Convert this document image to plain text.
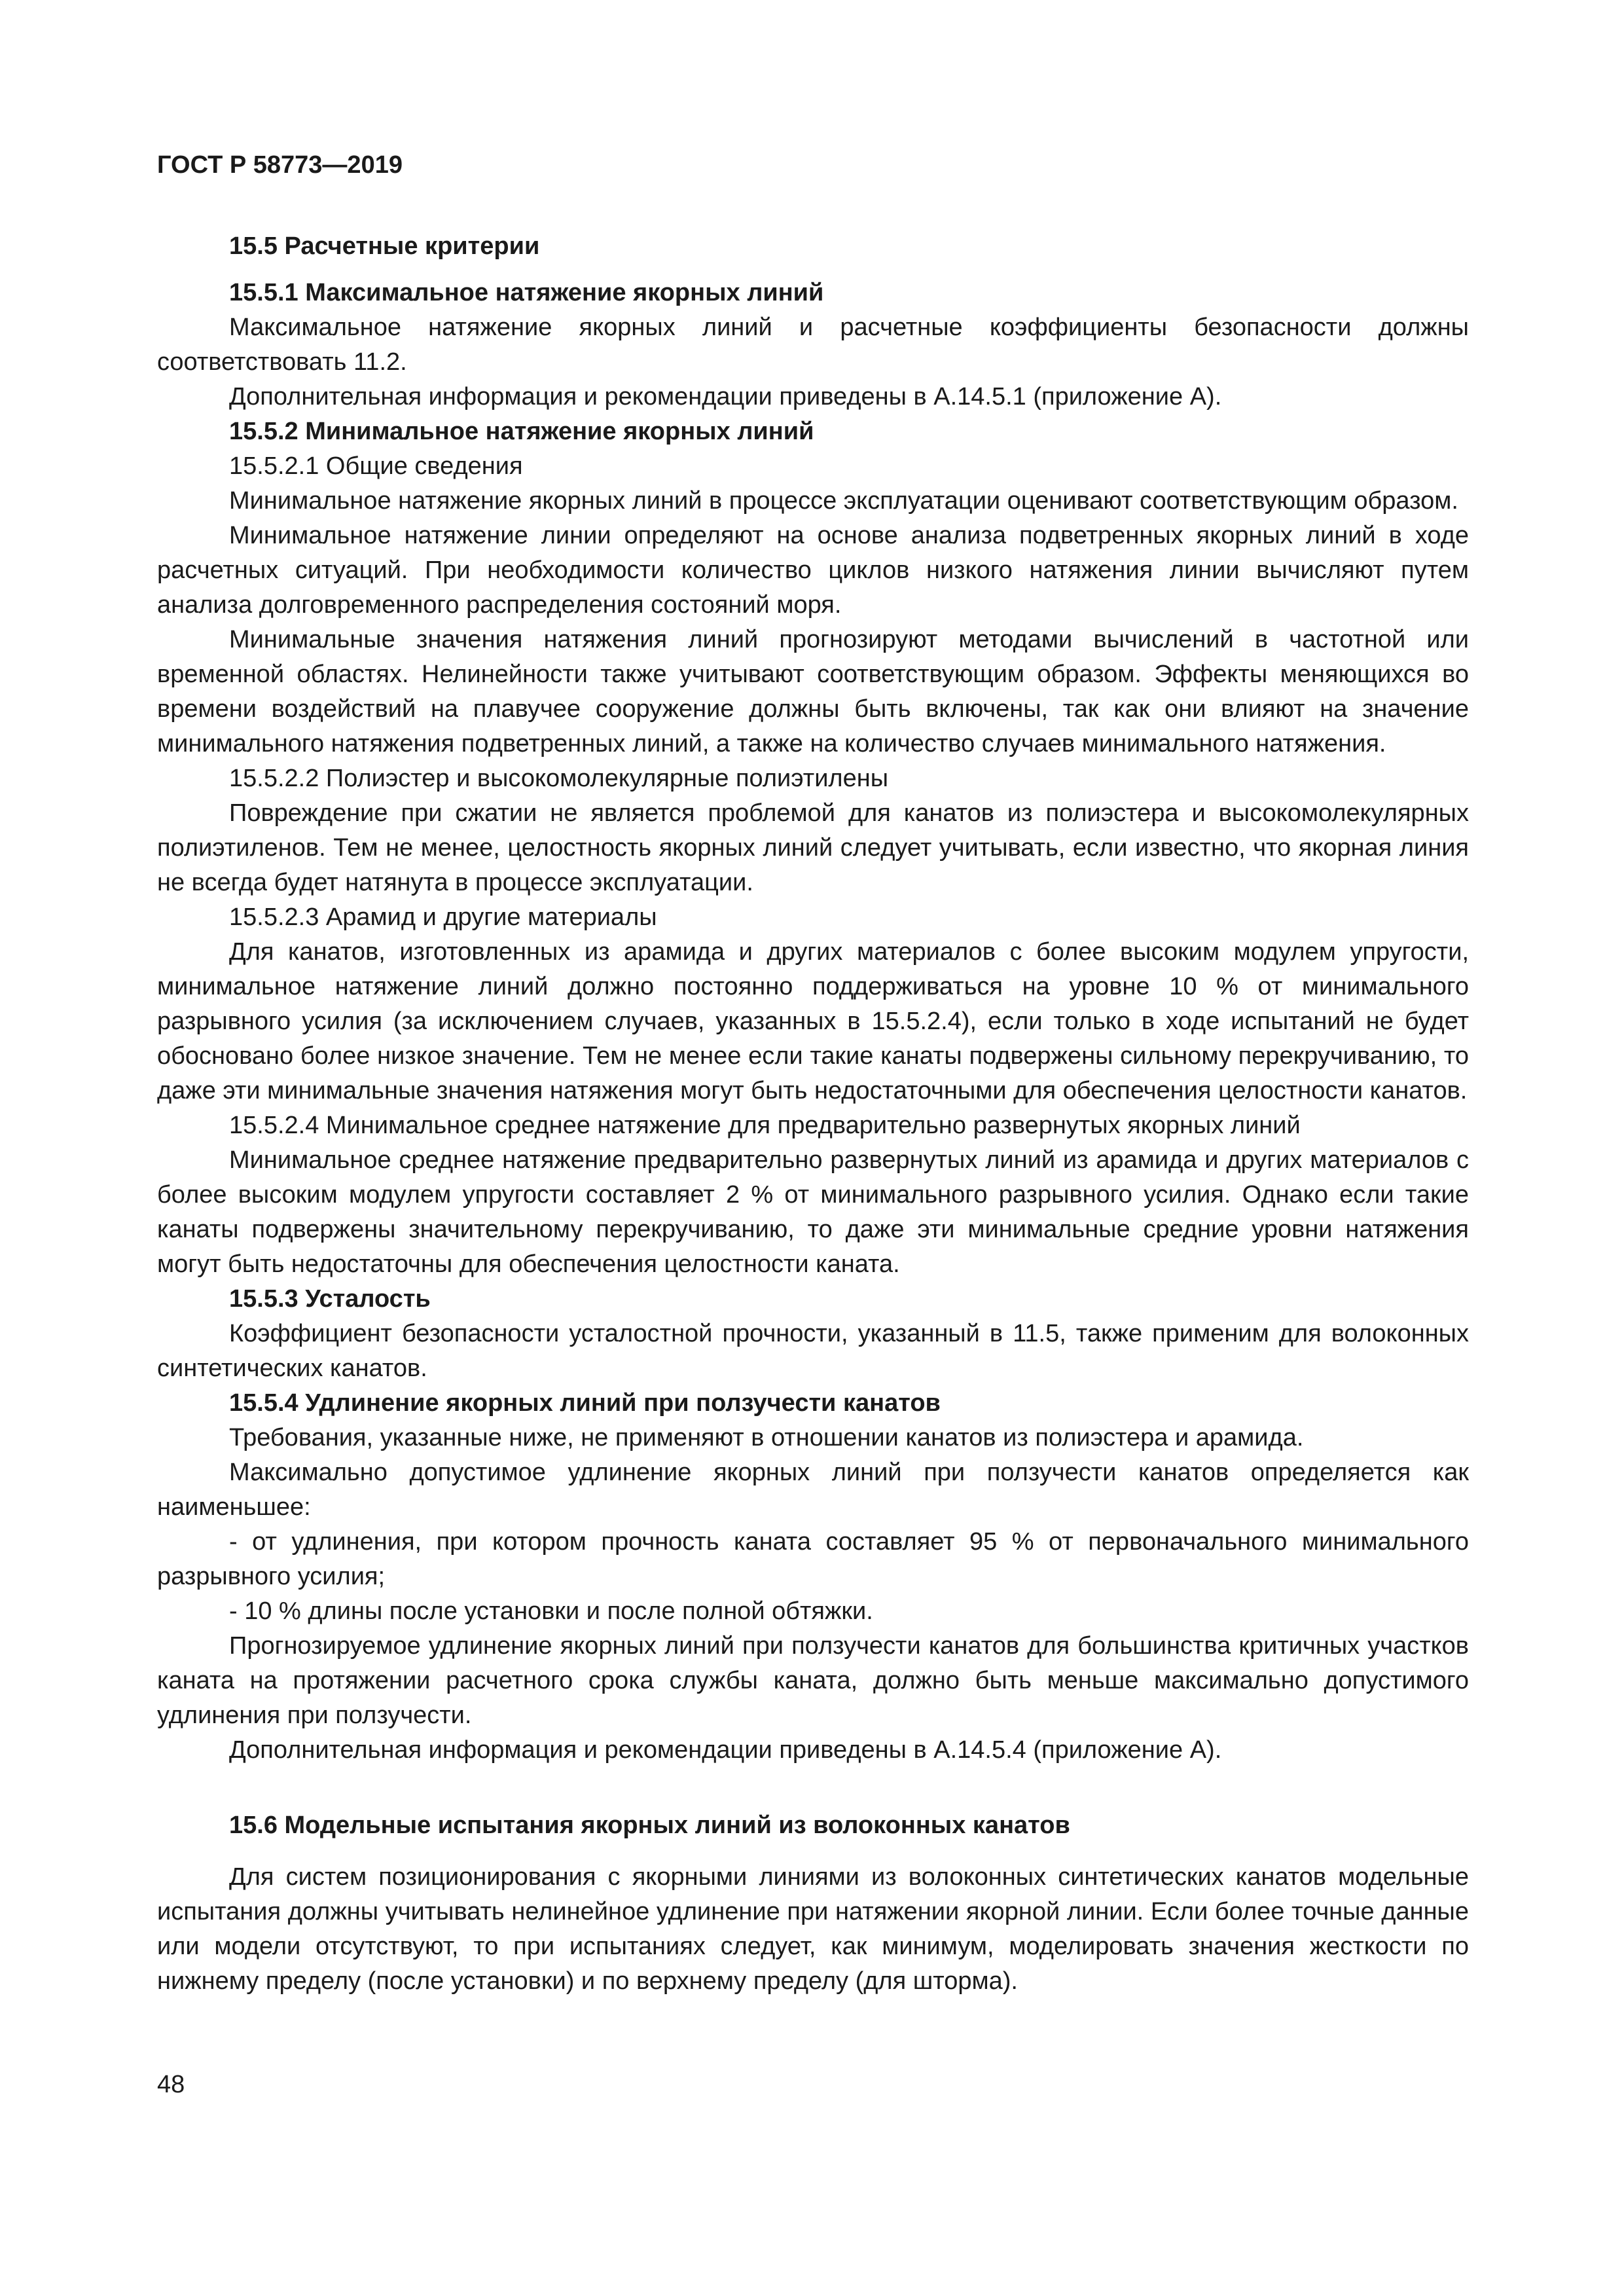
ГОСТ Р 58773—2019

15.5 Расчетные критерии

15.5.1 Максимальное натяжение якорных линий

Максимальное натяжение якорных линий и расчетные коэффициенты безопасности должны соответствовать 11.2.

Дополнительная информация и рекомендации приведены в А.14.5.1 (приложение А).

15.5.2 Минимальное натяжение якорных линий

15.5.2.1 Общие сведения

Минимальное натяжение якорных линий в процессе эксплуатации оценивают соответствующим образом.

Минимальное натяжение линии определяют на основе анализа подветренных якорных линий в ходе расчетных ситуаций. При необходимости количество циклов низкого натяжения линии вычисляют путем анализа долговременного распределения состояний моря.

Минимальные значения натяжения линий прогнозируют методами вычислений в частотной или временной областях. Нелинейности также учитывают соответствующим образом. Эффекты меняющихся во времени воздействий на плавучее сооружение должны быть включены, так как они влияют на значение минимального натяжения подветренных линий, а также на количество случаев минимального натяжения.

15.5.2.2 Полиэстер и высокомолекулярные полиэтилены

Повреждение при сжатии не является проблемой для канатов из полиэстера и высокомолекулярных полиэтиленов. Тем не менее, целостность якорных линий следует учитывать, если известно, что якорная линия не всегда будет натянута в процессе эксплуатации.

15.5.2.3 Арамид и другие материалы

Для канатов, изготовленных из арамида и других материалов с более высоким модулем упругости, минимальное натяжение линий должно постоянно поддерживаться на уровне 10 % от минимального разрывного усилия (за исключением случаев, указанных в 15.5.2.4), если только в ходе испытаний не будет обосновано более низкое значение. Тем не менее если такие канаты подвержены сильному перекручиванию, то даже эти минимальные значения натяжения могут быть недостаточными для обеспечения целостности канатов.

15.5.2.4 Минимальное среднее натяжение для предварительно развернутых якорных линий

Минимальное среднее натяжение предварительно развернутых линий из арамида и других материалов с более высоким модулем упругости составляет 2 % от минимального разрывного усилия. Однако если такие канаты подвержены значительному перекручиванию, то даже эти минимальные средние уровни натяжения могут быть недостаточны для обеспечения целостности каната.

15.5.3 Усталость

Коэффициент безопасности усталостной прочности, указанный в 11.5, также применим для волоконных синтетических канатов.

15.5.4 Удлинение якорных линий при ползучести канатов

Требования, указанные ниже, не применяют в отношении канатов из полиэстера и арамида.

Максимально допустимое удлинение якорных линий при ползучести канатов определяется как наименьшее:

- от удлинения, при котором прочность каната составляет 95 % от первоначального минимального разрывного усилия;

- 10 % длины после установки и после полной обтяжки.

Прогнозируемое удлинение якорных линий при ползучести канатов для большинства критичных участков каната на протяжении расчетного срока службы каната, должно быть меньше максимально допустимого удлинения при ползучести.

Дополнительная информация и рекомендации приведены в А.14.5.4 (приложение А).

15.6 Модельные испытания якорных линий из волоконных канатов

Для систем позиционирования с якорными линиями из волоконных синтетических канатов модельные испытания должны учитывать нелинейное удлинение при натяжении якорной линии. Если более точные данные или модели отсутствуют, то при испытаниях следует, как минимум, моделировать значения жесткости по нижнему пределу (после установки) и по верхнему пределу (для шторма).

48
